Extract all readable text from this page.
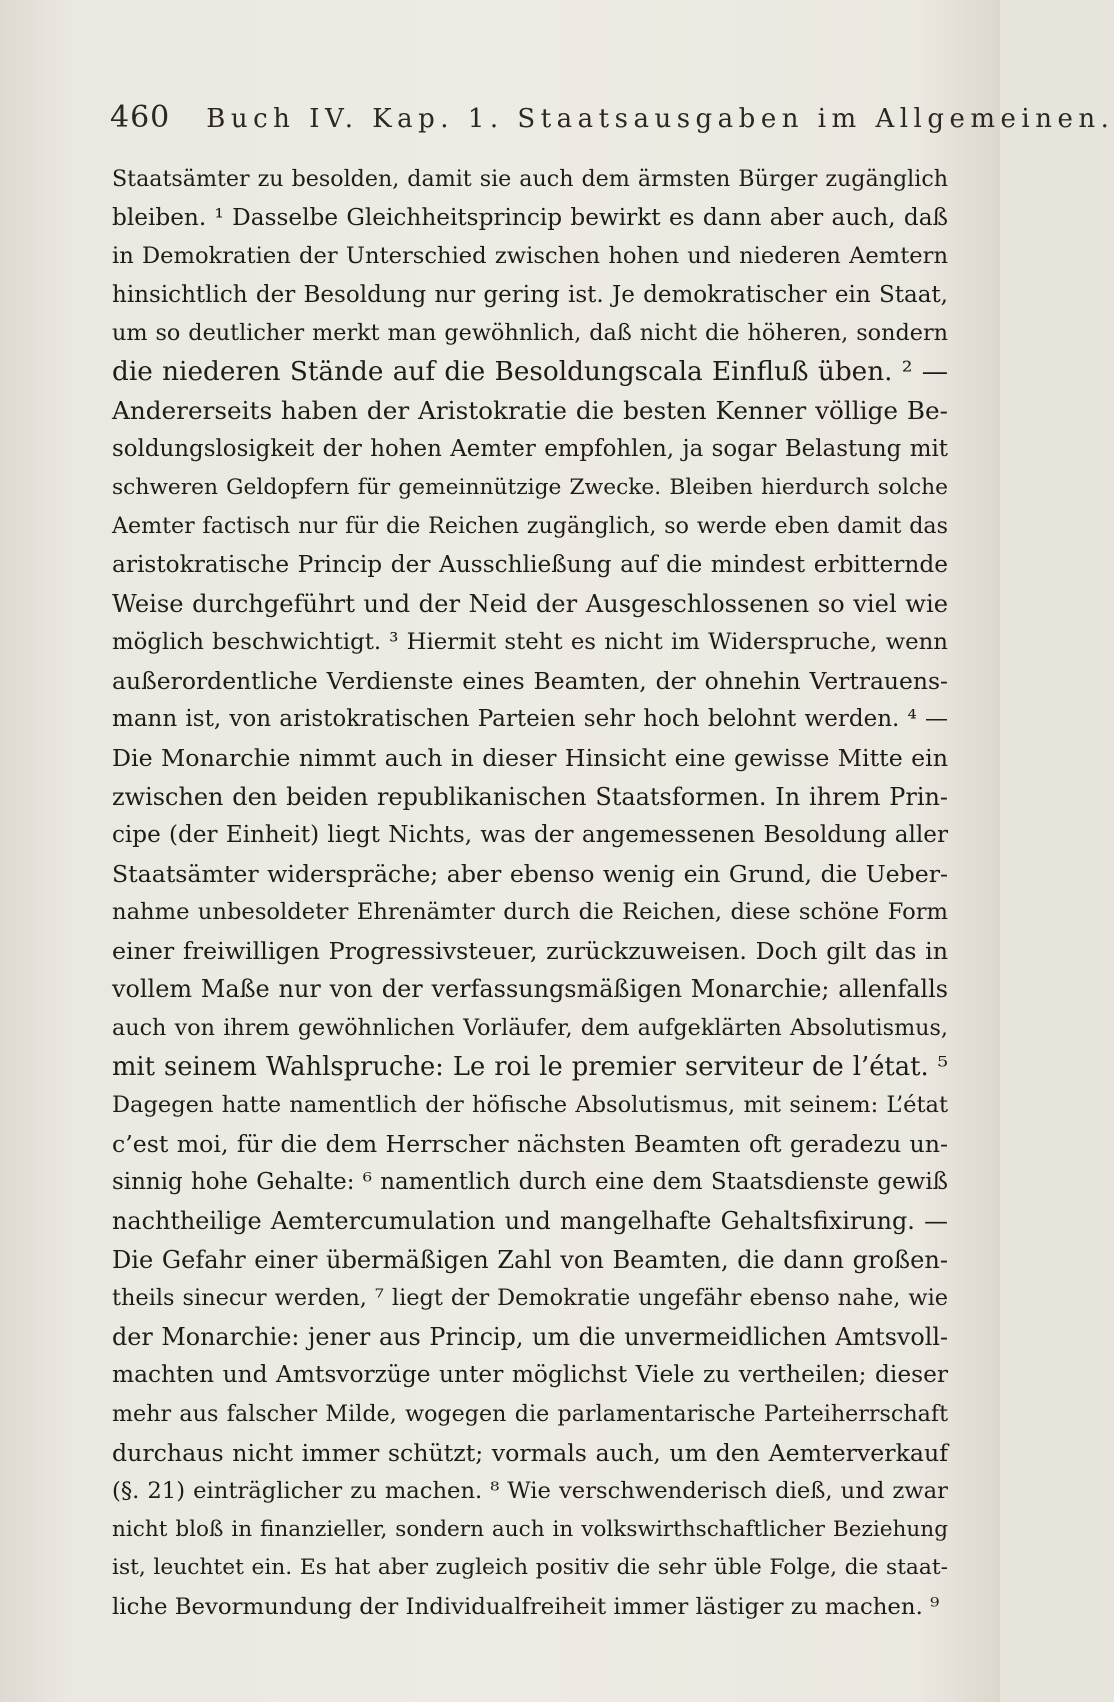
460 Buch IV. Kap. 1. Staatsausgaben im Allgemeinen.
Staatsämter zu besolden, damit sie auch dem ärmsten Bürger zugänglich
bleiben. ¹ Dasselbe Gleichheitsprincip bewirkt es dann aber auch, daß
in Demokratien der Unterschied zwischen hohen und niederen Aemtern
hinsichtlich der Besoldung nur gering ist. Je demokratischer ein Staat,
um so deutlicher merkt man gewöhnlich, daß nicht die höheren, sondern
die niederen Stände auf die Besoldungscala Einfluß üben. ² —
Andererseits haben der Aristokratie die besten Kenner völlige Be-
soldungslosigkeit der hohen Aemter empfohlen, ja sogar Belastung mit
schweren Geldopfern für gemeinnützige Zwecke. Bleiben hierdurch solche
Aemter factisch nur für die Reichen zugänglich, so werde eben damit das
aristokratische Princip der Ausschließung auf die mindest erbitternde
Weise durchgeführt und der Neid der Ausgeschlossenen so viel wie
möglich beschwichtigt. ³ Hiermit steht es nicht im Widerspruche, wenn
außerordentliche Verdienste eines Beamten, der ohnehin Vertrauens-
mann ist, von aristokratischen Parteien sehr hoch belohnt werden. ⁴ —
Die Monarchie nimmt auch in dieser Hinsicht eine gewisse Mitte ein
zwischen den beiden republikanischen Staatsformen. In ihrem Prin-
cipe (der Einheit) liegt Nichts, was der angemessenen Besoldung aller
Staatsämter widerspräche; aber ebenso wenig ein Grund, die Ueber-
nahme unbesoldeter Ehrenämter durch die Reichen, diese schöne Form
einer freiwilligen Progressivsteuer, zurückzuweisen. Doch gilt das in
vollem Maße nur von der verfassungsmäßigen Monarchie; allenfalls
auch von ihrem gewöhnlichen Vorläufer, dem aufgeklärten Absolutismus,
mit seinem Wahlspruche: Le roi le premier serviteur de l’état. ⁵
Dagegen hatte namentlich der höfische Absolutismus, mit seinem: L’état
c’est moi, für die dem Herrscher nächsten Beamten oft geradezu un-
sinnig hohe Gehalte: ⁶ namentlich durch eine dem Staatsdienste gewiß
nachtheilige Aemtercumulation und mangelhafte Gehaltsfixirung. —
Die Gefahr einer übermäßigen Zahl von Beamten, die dann großen-
theils sinecur werden, ⁷ liegt der Demokratie ungefähr ebenso nahe, wie
der Monarchie: jener aus Princip, um die unvermeidlichen Amtsvoll-
machten und Amtsvorzüge unter möglichst Viele zu vertheilen; dieser
mehr aus falscher Milde, wogegen die parlamentarische Parteiherrschaft
durchaus nicht immer schützt; vormals auch, um den Aemterverkauf
(§. 21) einträglicher zu machen. ⁸ Wie verschwenderisch dieß, und zwar
nicht bloß in finanzieller, sondern auch in volkswirthschaftlicher Beziehung
ist, leuchtet ein. Es hat aber zugleich positiv die sehr üble Folge, die staat-
liche Bevormundung der Individualfreiheit immer lästiger zu machen. ⁹
